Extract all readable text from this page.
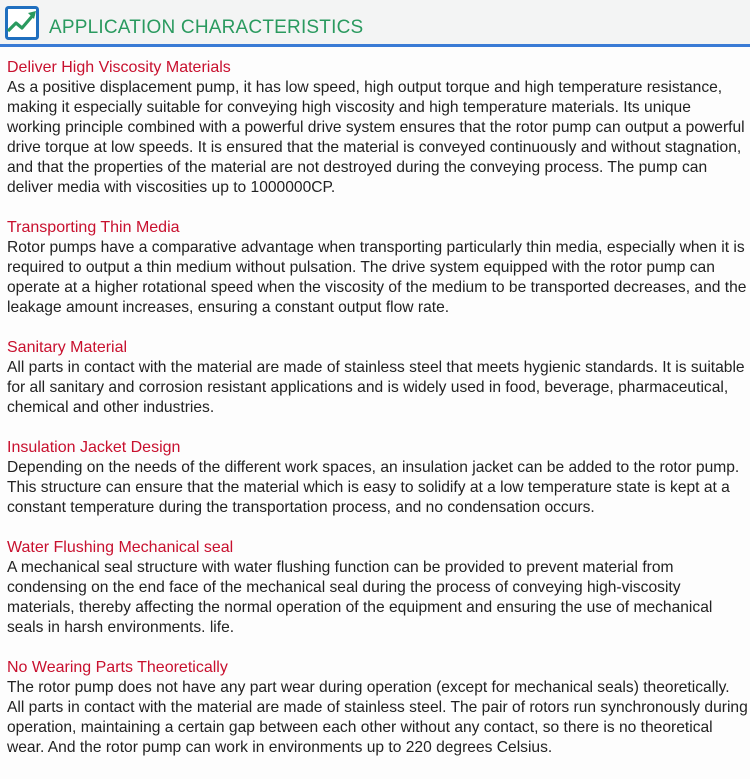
APPLICATION CHARACTERISTICS
Deliver High Viscosity Materials

As a positive displacement pump, it has low speed, high output torque and high temperature resistance, making it especially suitable for conveying high viscosity and high temperature materials. Its unique working principle combined with a powerful drive system ensures that the rotor pump can output a powerful drive torque at low speeds. It is ensured that the material is conveyed continuously and without stagnation, and that the properties of the material are not destroyed during the conveying process. The pump can deliver media with viscosities up to 1000000CP.

Transporting Thin Media

Rotor pumps have a comparative advantage when transporting particularly thin media, especially when it is required to output a thin medium without pulsation. The drive system equipped with the rotor pump can operate at a higher rotational speed when the viscosity of the medium to be transported decreases, and the leakage amount increases, ensuring a constant output flow rate.

Sanitary Material

All parts in contact with the material are made of stainless steel that meets hygienic standards. It is suitable for all sanitary and corrosion resistant applications and is widely used in food, beverage, pharmaceutical, chemical and other industries.

Insulation Jacket Design

Depending on the needs of the different work spaces, an insulation jacket can be added to the rotor pump. This structure can ensure that the material which is easy to solidify at a low temperature state is kept at a constant temperature during the transportation process, and no condensation occurs.

Water Flushing Mechanical seal

A mechanical seal structure with water flushing function can be provided to prevent material from condensing on the end face of the mechanical seal during the process of conveying high-viscosity materials, thereby affecting the normal operation of the equipment and ensuring the use of mechanical seals in harsh environments. life.

No Wearing Parts Theoretically

The rotor pump does not have any part wear during operation (except for mechanical seals) theoretically. All parts in contact with the material are made of stainless steel. The pair of rotors run synchronously during operation, maintaining a certain gap between each other without any contact, so there is no theoretical wear. And the rotor pump can work in environments up to 220 degrees Celsius.
